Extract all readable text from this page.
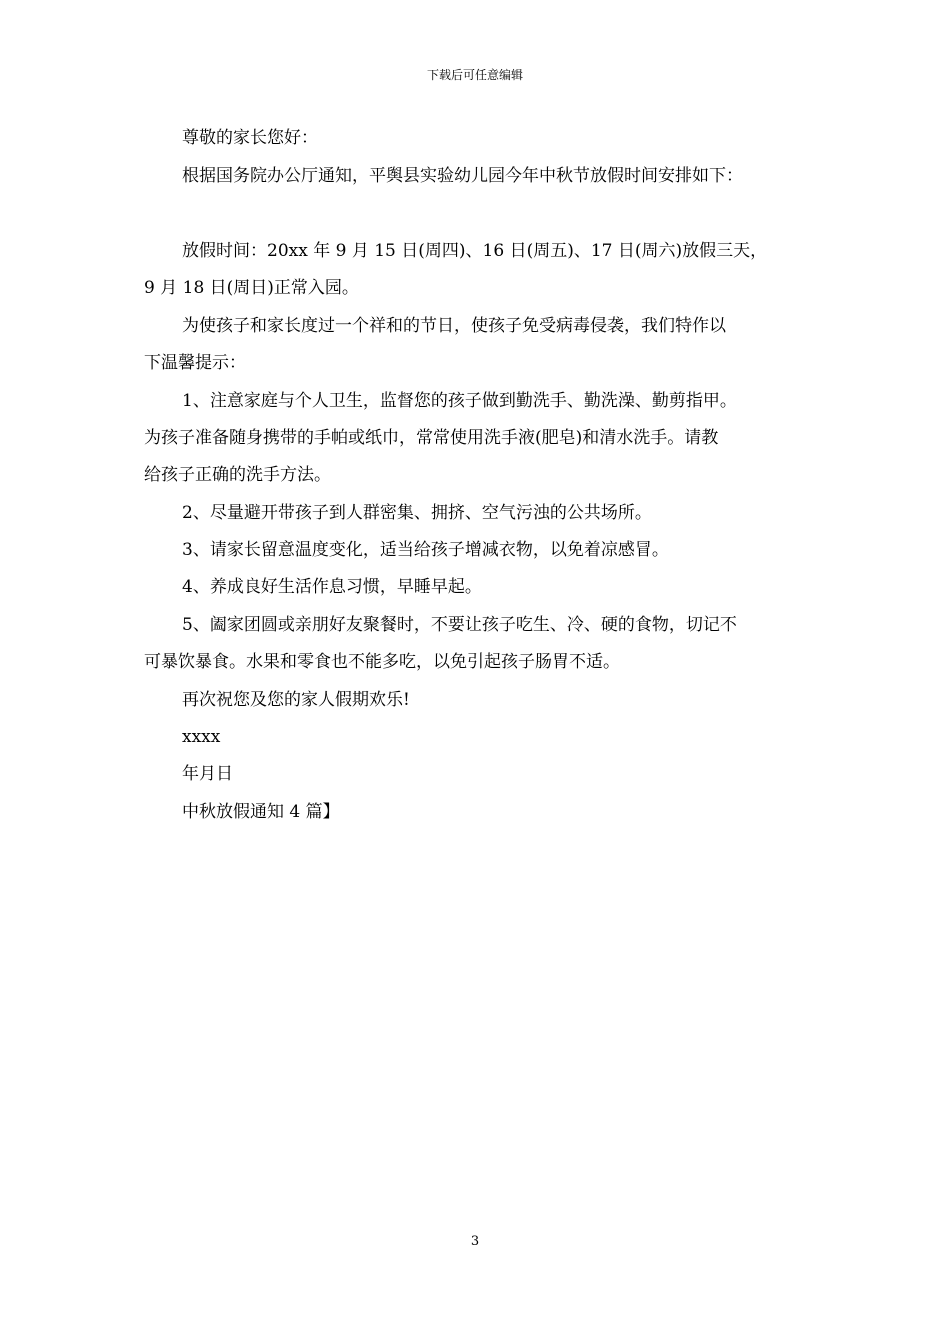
下载后可任意编辑
尊敬的家长您好：
根据国务院办公厅通知，平舆县实验幼儿园今年中秋节放假时间安排如下：
放假时间：20xx 年 9 月 15 日(周四)、16 日(周五)、17 日(周六)放假三天，
9 月 18 日(周日)正常入园。
为使孩子和家长度过一个祥和的节日，使孩子免受病毒侵袭，我们特作以
下温馨提示：
1、注意家庭与个人卫生，监督您的孩子做到勤洗手、勤洗澡、勤剪指甲。
为孩子准备随身携带的手帕或纸巾，常常使用洗手液(肥皂)和清水洗手。请教
给孩子正确的洗手方法。
2、尽量避开带孩子到人群密集、拥挤、空气污浊的公共场所。
3、请家长留意温度变化，适当给孩子增减衣物，以免着凉感冒。
4、养成良好生活作息习惯，早睡早起。
5、阖家团圆或亲朋好友聚餐时，不要让孩子吃生、冷、硬的食物，切记不
可暴饮暴食。水果和零食也不能多吃，以免引起孩子肠胃不适。
再次祝您及您的家人假期欢乐!
xxxx
年月日
中秋放假通知 4 篇】
3
